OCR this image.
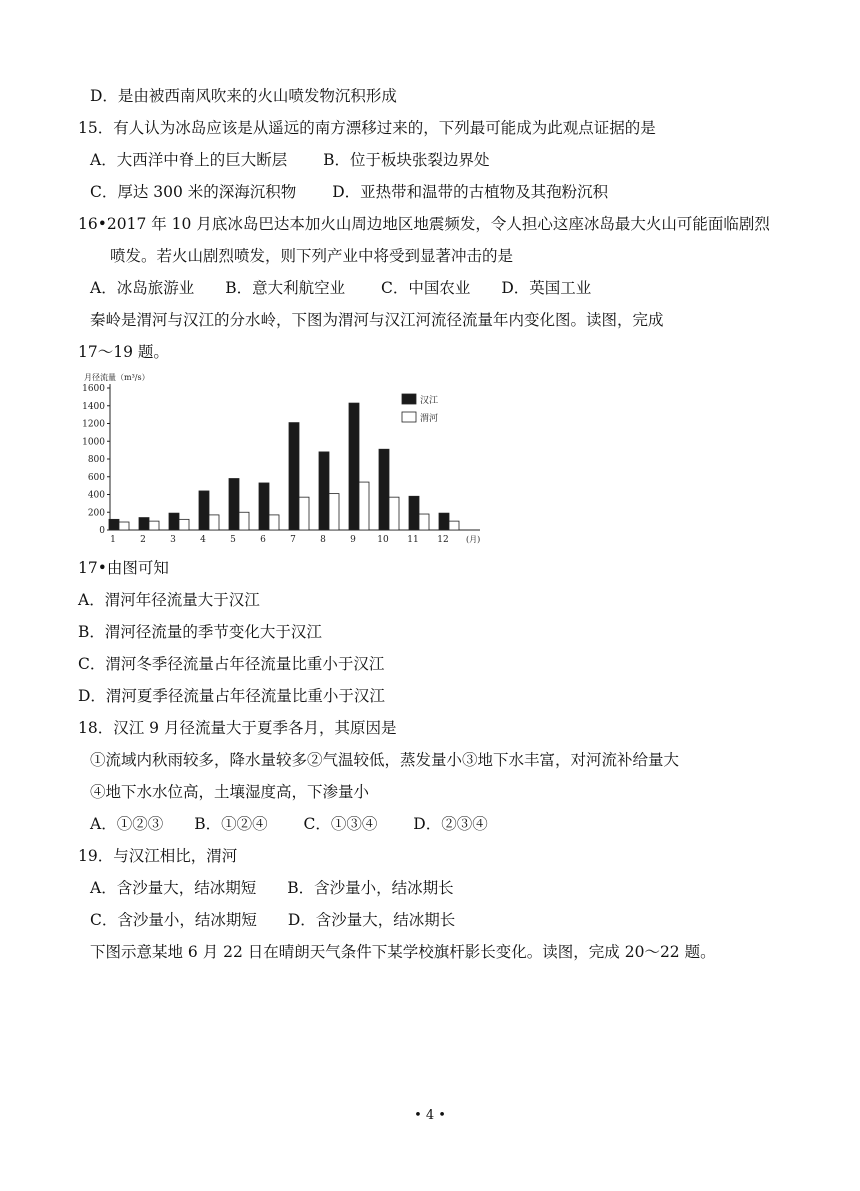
D．是由被西南风吹来的火山喷发物沉积形成
15．有人认为冰岛应该是从遥远的南方漂移过来的，下列最可能成为此观点证据的是
A．大西洋中脊上的巨大断层　　 B．位于板块张裂边界处
C．厚达 300 米的深海沉积物　　 D．亚热带和温带的古植物及其孢粉沉积
16•2017 年 10 月底冰岛巴达本加火山周边地区地震频发，令人担心这座冰岛最大火山可能面临剧烈
喷发。若火山剧烈喷发，则下列产业中将受到显著冲击的是
A．冰岛旅游业　　B．意大利航空业　　 C．中国农业　　D．英国工业
秦岭是渭河与汉江的分水岭，下图为渭河与汉江河流径流量年内变化图。读图，完成
17～19 题。
月径流量（m³/s）
0
200
400
600
800
1000
1200
1400
1600
1	2	3	4	5	6	7	8	9 10 11 12 (月)
汉江
渭河
17•由图可知
A．渭河年径流量大于汉江
B．渭河径流量的季节变化大于汉江
C．渭河冬季径流量占年径流量比重小于汉江
D．渭河夏季径流量占年径流量比重小于汉江
18．汉江 9 月径流量大于夏季各月，其原因是
①流域内秋雨较多，降水量较多②气温较低，蒸发量小③地下水丰富，对河流补给量大
④地下水水位高，土壤湿度高，下渗量小
A．①②③　　B．①②④　　 C．①③④　　 D．②③④
19．与汉江相比，渭河
A．含沙量大，结冰期短　　B．含沙量小，结冰期长
C．含沙量小，结冰期短　　D．含沙量大，结冰期长
下图示意某地 6 月 22 日在晴朗天气条件下某学校旗杆影长变化。读图，完成 20～22 题。
• 4 •
